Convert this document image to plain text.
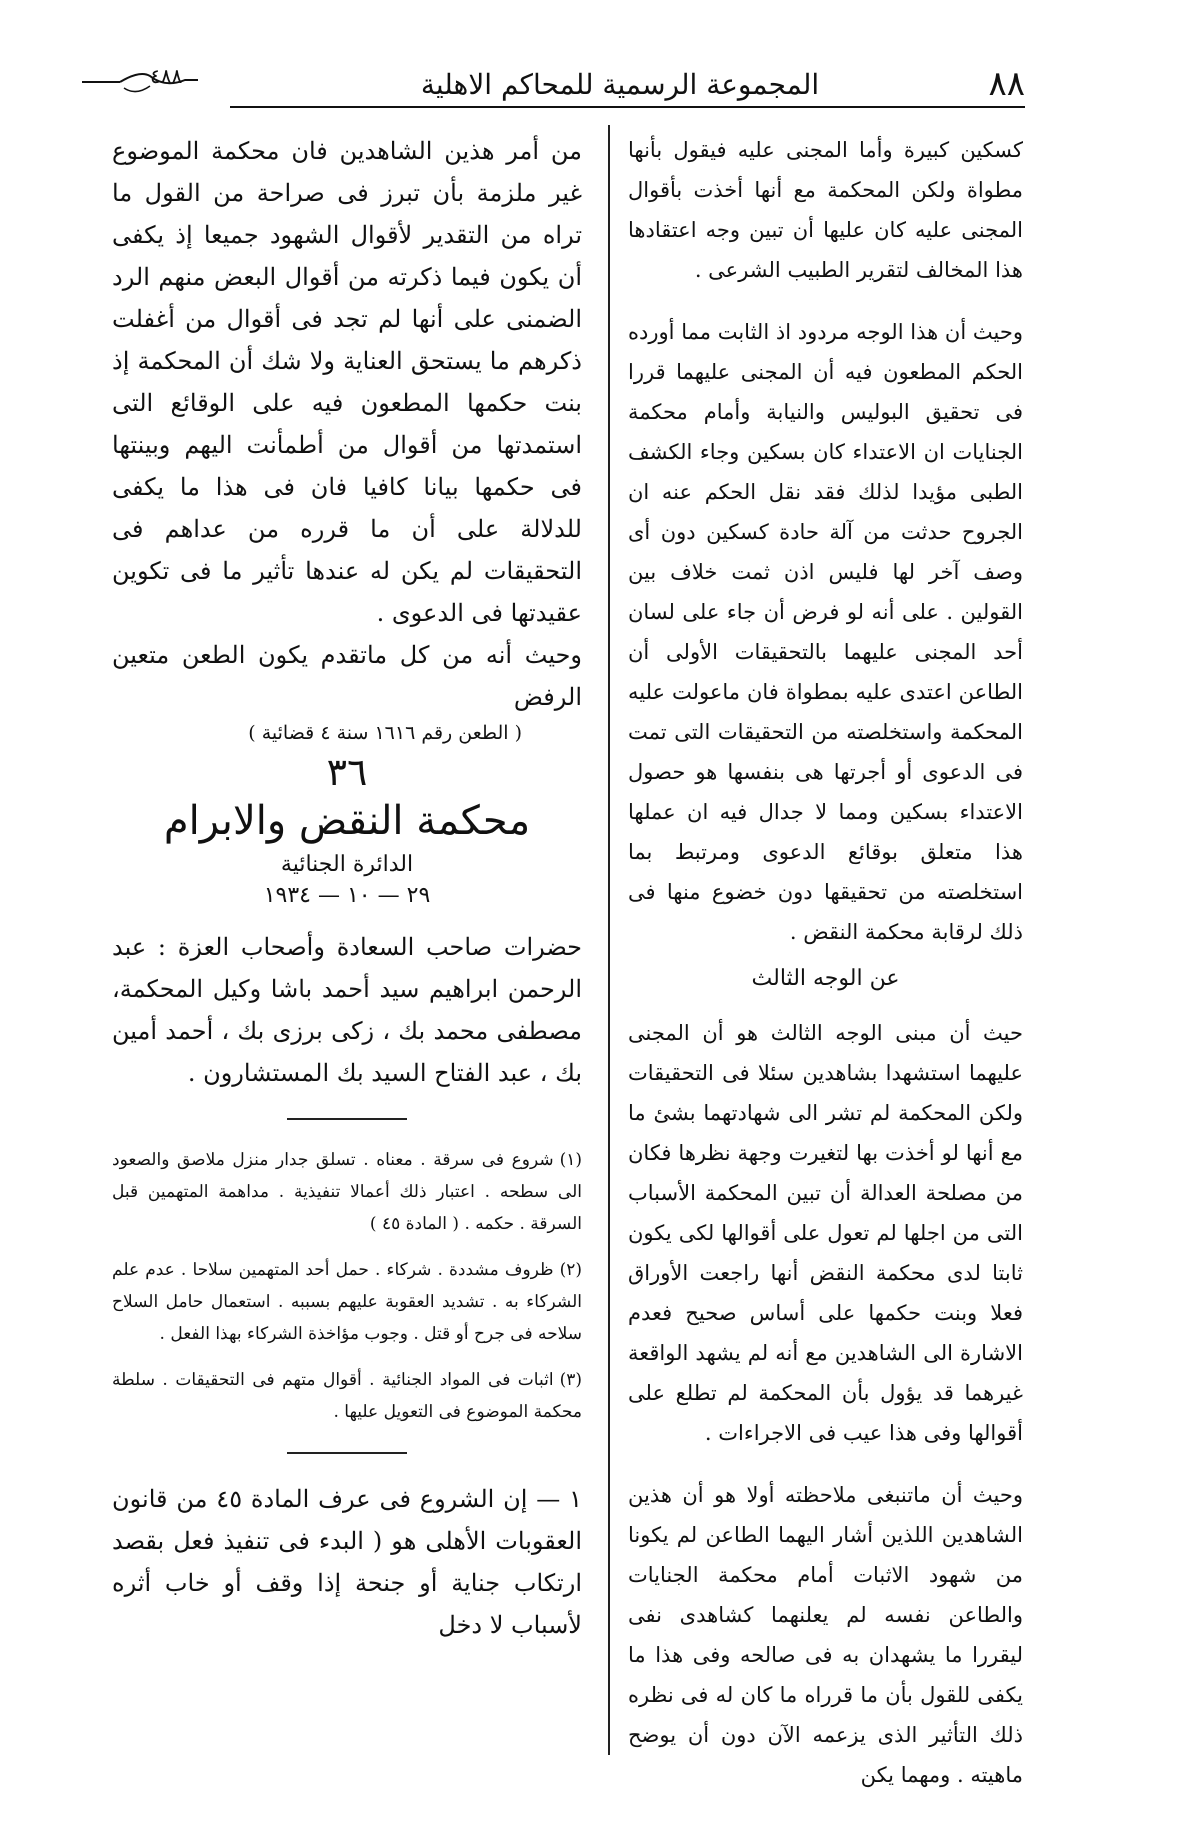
٤٨٨	المجموعة الرسمية للمحاكم الاهلية	٨٨

كسكين كبيرة وأما المجنى عليه فيقول بأنها مطواة ولكن المحكمة مع أنها أخذت بأقوال المجنى عليه كان عليها أن تبين وجه اعتقادها هذا المخالف لتقرير الطبيب الشرعى .

وحيث أن هذا الوجه مردود اذ الثابت مما أورده الحكم المطعون فيه أن المجنى عليهما قررا فى تحقيق البوليس والنيابة وأمام محكمة الجنايات ان الاعتداء كان بسكين وجاء الكشف الطبى مؤيدا لذلك فقد نقل الحكم عنه ان الجروح حدثت من آلة حادة كسكين دون أى وصف آخر لها فليس اذن ثمت خلاف بين القولين . على أنه لو فرض أن جاء على لسان أحد المجنى عليهما بالتحقيقات الأولى أن الطاعن اعتدى عليه بمطواة فان ماعولت عليه المحكمة واستخلصته من التحقيقات التى تمت فى الدعوى أو أجرتها هى بنفسها هو حصول الاعتداء بسكين ومما لا جدال فيه ان عملها هذا متعلق بوقائع الدعوى ومرتبط بما استخلصته من تحقيقها دون خضوع منها فى ذلك لرقابة محكمة النقض .

عن الوجه الثالث

حيث أن مبنى الوجه الثالث هو أن المجنى عليهما استشهدا بشاهدين سئلا فى التحقيقات ولكن المحكمة لم تشر الى شهادتهما بشئ ما مع أنها لو أخذت بها لتغيرت وجهة نظرها فكان من مصلحة العدالة أن تبين المحكمة الأسباب التى من اجلها لم تعول على أقوالها لكى يكون ثابتا لدى محكمة النقض أنها راجعت الأوراق فعلا وبنت حكمها على أساس صحيح فعدم الاشارة الى الشاهدين مع أنه لم يشهد الواقعة غيرهما قد يؤول بأن المحكمة لم تطلع على أقوالها وفى هذا عيب فى الاجراءات .

وحيث أن ماتنبغى ملاحظته أولا هو أن هذين الشاهدين اللذين أشار اليهما الطاعن لم يكونا من شهود الاثبات أمام محكمة الجنايات والطاعن نفسه لم يعلنهما كشاهدى نفى ليقررا ما يشهدان به فى صالحه وفى هذا ما يكفى للقول بأن ما قرراه ما كان له فى نظره ذلك التأثير الذى يزعمه الآن دون أن يوضح ماهيته . ومهما يكن

من أمر هذين الشاهدين فان محكمة الموضوع غير ملزمة بأن تبرز فى صراحة من القول ما تراه من التقدير لأقوال الشهود جميعا إذ يكفى أن يكون فيما ذكرته من أقوال البعض منهم الرد الضمنى على أنها لم تجد فى أقوال من أغفلت ذكرهم ما يستحق العناية ولا شك أن المحكمة إذ بنت حكمها المطعون فيه على الوقائع التى استمدتها من أقوال من أطمأنت اليهم وبينتها فى حكمها بيانا كافيا فان فى هذا ما يكفى للدلالة على أن ما قرره من عداهم فى التحقيقات لم يكن له عندها تأثير ما فى تكوين عقيدتها فى الدعوى .

وحيث أنه من كل ماتقدم يكون الطعن متعين الرفض

( الطعن رقم ١٦١٦ سنة ٤ قضائية )
٣٦
محكمة النقض والابرام
الدائرة الجنائية
٢٩ — ١٠ — ١٩٣٤

حضرات صاحب السعادة وأصحاب العزة : عبد الرحمن ابراهيم سيد أحمد باشا وكيل المحكمة، مصطفى محمد بك ، زكى برزى بك ، أحمد أمين بك ، عبد الفتاح السيد بك المستشارون .

(١)شروع فى سرقة . معناه . تسلق جدار منزل ملاصق والصعود الى سطحه . اعتبار ذلك أعمالا تنفيذية . مداهمة المتهمين قبل السرقة . حكمه . ( المادة ٤٥ )

(٢)ظروف مشددة . شركاء . حمل أحد المتهمين سلاحا . عدم علم الشركاء به . تشديد العقوبة عليهم بسببه . استعمال حامل السلاح سلاحه فى جرح أو قتل . وجوب مؤاخذة الشركاء بهذا الفعل .

(٣)اثبات فى المواد الجنائية . أقوال متهم فى التحقيقات . سلطة محكمة الموضوع فى التعويل عليها .

١ — إن الشروع فى عرف المادة ٤٥ من قانون العقوبات الأهلى هو ( البدء فى تنفيذ فعل بقصد ارتكاب جناية أو جنحة إذا وقف أو خاب أثره لأسباب لا دخل
